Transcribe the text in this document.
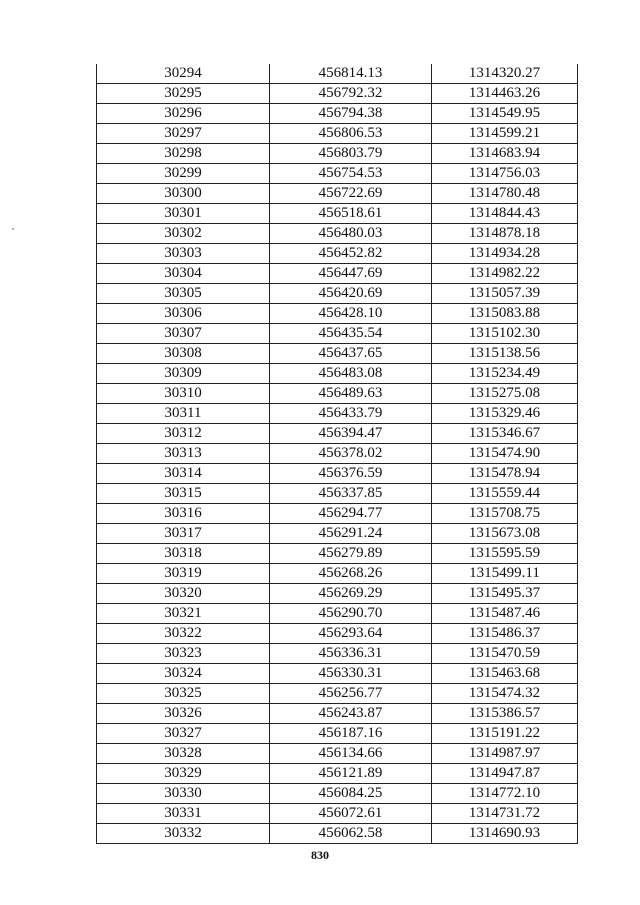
30294	456814.13	1314320.27
30295	456792.32	1314463.26
30296	456794.38	1314549.95
30297	456806.53	1314599.21
30298	456803.79	1314683.94
30299	456754.53	1314756.03
30300	456722.69	1314780.48
30301	456518.61	1314844.43
30302	456480.03	1314878.18
30303	456452.82	1314934.28
30304	456447.69	1314982.22
30305	456420.69	1315057.39
30306	456428.10	1315083.88
30307	456435.54	1315102.30
30308	456437.65	1315138.56
30309	456483.08	1315234.49
30310	456489.63	1315275.08
30311	456433.79	1315329.46
30312	456394.47	1315346.67
30313	456378.02	1315474.90
30314	456376.59	1315478.94
30315	456337.85	1315559.44
30316	456294.77	1315708.75
30317	456291.24	1315673.08
30318	456279.89	1315595.59
30319	456268.26	1315499.11
30320	456269.29	1315495.37
30321	456290.70	1315487.46
30322	456293.64	1315486.37
30323	456336.31	1315470.59
30324	456330.31	1315463.68
30325	456256.77	1315474.32
30326	456243.87	1315386.57
30327	456187.16	1315191.22
30328	456134.66	1314987.97
30329	456121.89	1314947.87
30330	456084.25	1314772.10
30331	456072.61	1314731.72
30332	456062.58	1314690.93
830
